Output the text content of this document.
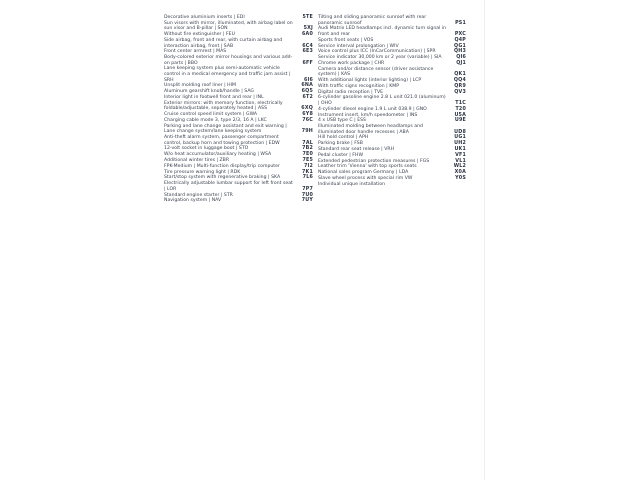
Decorative aluminium inserts | EDI	5TE
Sun visors with mirror, illuminated, with airbag label on sun visor and B-pillar | SON	5XJ
Without fire extinguisher | FEU	6A0
Side airbag, front and rear, with curtain airbag and interaction airbag, front | SAB	6C4
Front center armrest | MAS	6E3
Body-colored exterior mirror housings and various add-on parts | BBO	6FF
Lane keeping system plus semi-automatic vehicle control in a medical emergency and traffic jam assist | SRH	6I6
Unsplit molding roof liner | HIM	6NA
Aluminum gearshift knob/handle | SAG	6Q5
Interior light in footwell front and rear | INL	6T2
Exterior mirrors: with memory function, electrically foldable/adjustable, separately heated | ASS	6XQ
Cruise control speed limit system | GWA	6Y8
Charging cable mode 3, type 2/3, 16 A | LKC	76C
Parking and lane change assistant and exit warning | Lane change system/lane keeping system	79H
Anti-theft alarm system, passenger compartment control, backup horn and towing protection | EDW	7AL
12-volt socket in luggage boot | STO	7B2
W/o heat accumulator/auxiliary heating | WSA	7E0
Additional winter tires | ZBR	7E5
FPK-Medium | Multi-function display/trip computer	7I2
Tire pressure warning light | RDK	7K1
Start/stop system with regenerative braking | SKA	7L6
Electrically adjustable lumbar support for left front seat | LOR	7P7
Standard engine starter | STR	7U0
Navigation system | NAV	7UY
Tilting and sliding panoramic sunroof with rear panoramic sunroof	PS1
Audi Matrix LED headlamps incl. dynamic turn signal in front and rear	PXC
Sports front seats | VOS	Q4P
Service interval prolongation | WIV	QG1
Voice control plus ICC (InCarCommunication) | SPR	QH3
Service indicator 30,000 km or 2 year (variable) | SIA	QI6
Chrome work package | CHR	QJ1
Camera and/or distance sensor (driver assistance system) | KAS	QK1
With additional lights (interior lighting) | LCP	QQ4
With traffic signs recognition | KMP	QR9
Digital radio reception | TVE	QV3
6-cylinder gasoline engine 2.8 L unit 021.0 (aluminum) | OHO	T1C
4-cylinder diesel engine 1.9 L unit 038.9 | GNO	T20
Instrument insert, km/h speedometer | INS	U5A
4 x USB type C | ESS	U9E
Illuminated molding between headlamps and illuminated door handle recesses | ABA	UD8
Hill hold control | APH	UG1
Parking brake | FSB	UH2
Standard rear seat release | VRH	UK1
Pedal cluster | FHW	VF1
Extended pedestrian protection measures | FGS	VL1
Leather trim 'Vienna' with top sports seats	WL2
National sales program Germany | LDA	X0A
Slave wheel process with special rim VW	Y0S
Individual unique installation
